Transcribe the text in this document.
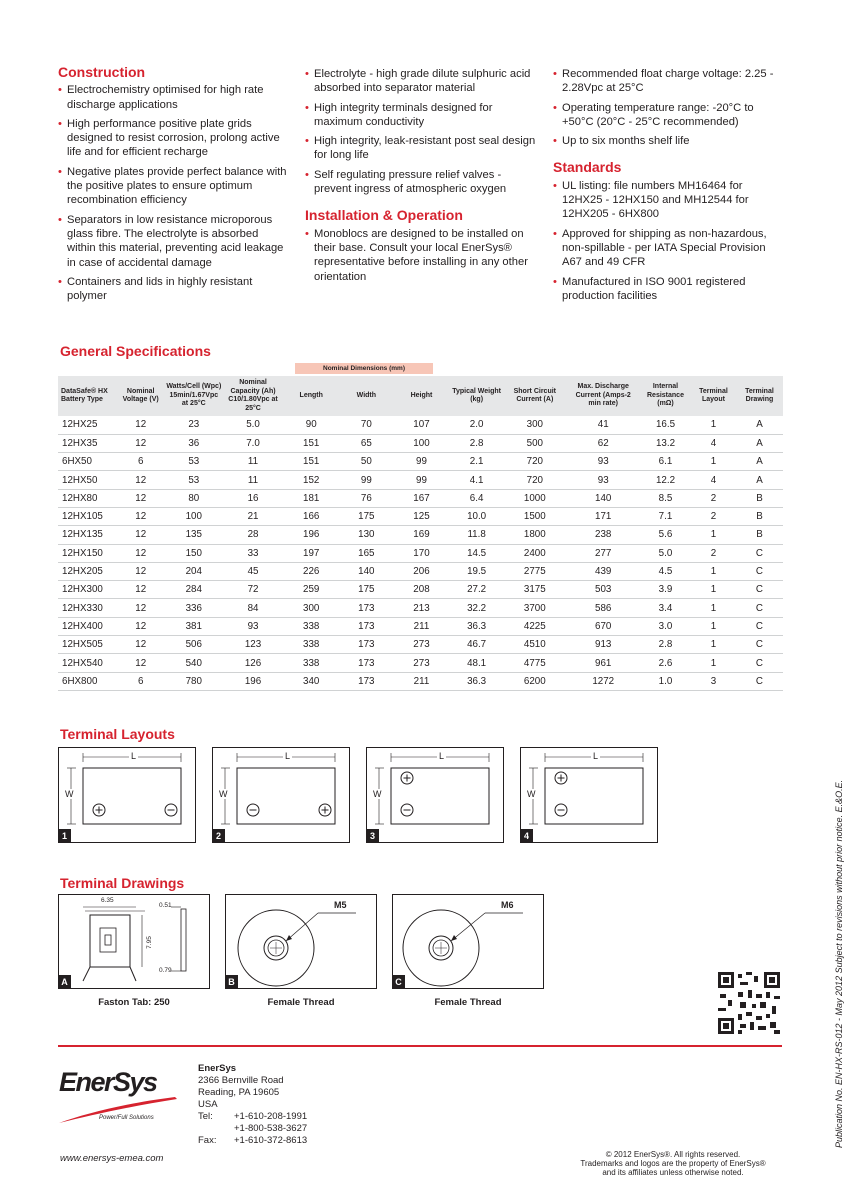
Construction
• Electrochemistry optimised for high rate discharge applications
• High performance positive plate grids designed to resist corrosion, prolong active life and for efficient recharge
• Negative plates provide perfect balance with the positive plates to ensure optimum recombination efficiency
• Separators in low resistance microporous glass fibre. The electrolyte is absorbed within this material, preventing acid leakage in case of accidental damage
• Containers and lids in highly resistant polymer
• Electrolyte - high grade dilute sulphuric acid absorbed into separator material
• High integrity terminals designed for maximum conductivity
• High integrity, leak-resistant post seal design for long life
• Self regulating pressure relief valves - prevent ingress of atmospheric oxygen
Installation & Operation
• Monoblocs are designed to be installed on their base. Consult your local EnerSys® representative before installing in any other orientation
• Recommended float charge voltage: 2.25 - 2.28Vpc at 25°C
• Operating temperature range: -20°C to +50°C (20°C - 25°C recommended)
• Up to six months shelf life
Standards
• UL listing: file numbers MH16464 for 12HX25 - 12HX150 and MH12544 for 12HX205 - 6HX800
• Approved for shipping as non-hazardous, non-spillable - per IATA Special Provision A67 and 49 CFR
• Manufactured in ISO 9001 registered production facilities
General Specifications
Nominal Dimensions (mm)
DataSafe® HX Battery Type	Nominal Voltage (V)	Watts/Cell (Wpc) 15min/1.67Vpc at 25°C	Nominal Capacity (Ah) C10/1.80Vpc at 25°C	Length	Width	Height	Typical Weight (kg)	Short Circuit Current (A)	Max. Discharge Current (Amps-2 min rate)	Internal Resistance (mΩ)	Terminal Layout	Terminal Drawing
12HX25	12	23	5.0	90	70	107	2.0	300	41	16.5	1	A
12HX35	12	36	7.0	151	65	100	2.8	500	62	13.2	4	A
6HX50	6	53	11	151	50	99	2.1	720	93	6.1	1	A
12HX50	12	53	11	152	99	99	4.1	720	93	12.2	4	A
12HX80	12	80	16	181	76	167	6.4	1000	140	8.5	2	B
12HX105	12	100	21	166	175	125	10.0	1500	171	7.1	2	B
12HX135	12	135	28	196	130	169	11.8	1800	238	5.6	1	B
12HX150	12	150	33	197	165	170	14.5	2400	277	5.0	2	C
12HX205	12	204	45	226	140	206	19.5	2775	439	4.5	1	C
12HX300	12	284	72	259	175	208	27.2	3175	503	3.9	1	C
12HX330	12	336	84	300	173	213	32.2	3700	586	3.4	1	C
12HX400	12	381	93	338	173	211	36.3	4225	670	3.0	1	C
12HX505	12	506	123	338	173	273	46.7	4510	913	2.8	1	C
12HX540	12	540	126	338	173	273	48.1	4775	961	2.6	1	C
6HX800	6	780	196	340	173	211	36.3	6200	1272	1.0	3	C
Terminal Layouts
L
W
1
L
W
2
L
W
3
L
W
4
Terminal Drawings
6.35
0.51
7.95
0.79
A
Faston Tab: 250
M5
B
Female Thread
M6
C
Female Thread	Publication No. EN-HX-RS-012 - May 2012 Subject to revisions without prior notice. E.&O.E.
EnerSys
Power/Full Solutions
EnerSys
2366 Bernville Road
Reading, PA 19605
USA
Tel: +1-610-208-1991
+1-800-538-3627
Fax: +1-610-372-8613
www.enersys-emea.com	© 2012 EnerSys®. All rights reserved.
Trademarks and logos are the property of EnerSys®
and its affiliates unless otherwise noted.
